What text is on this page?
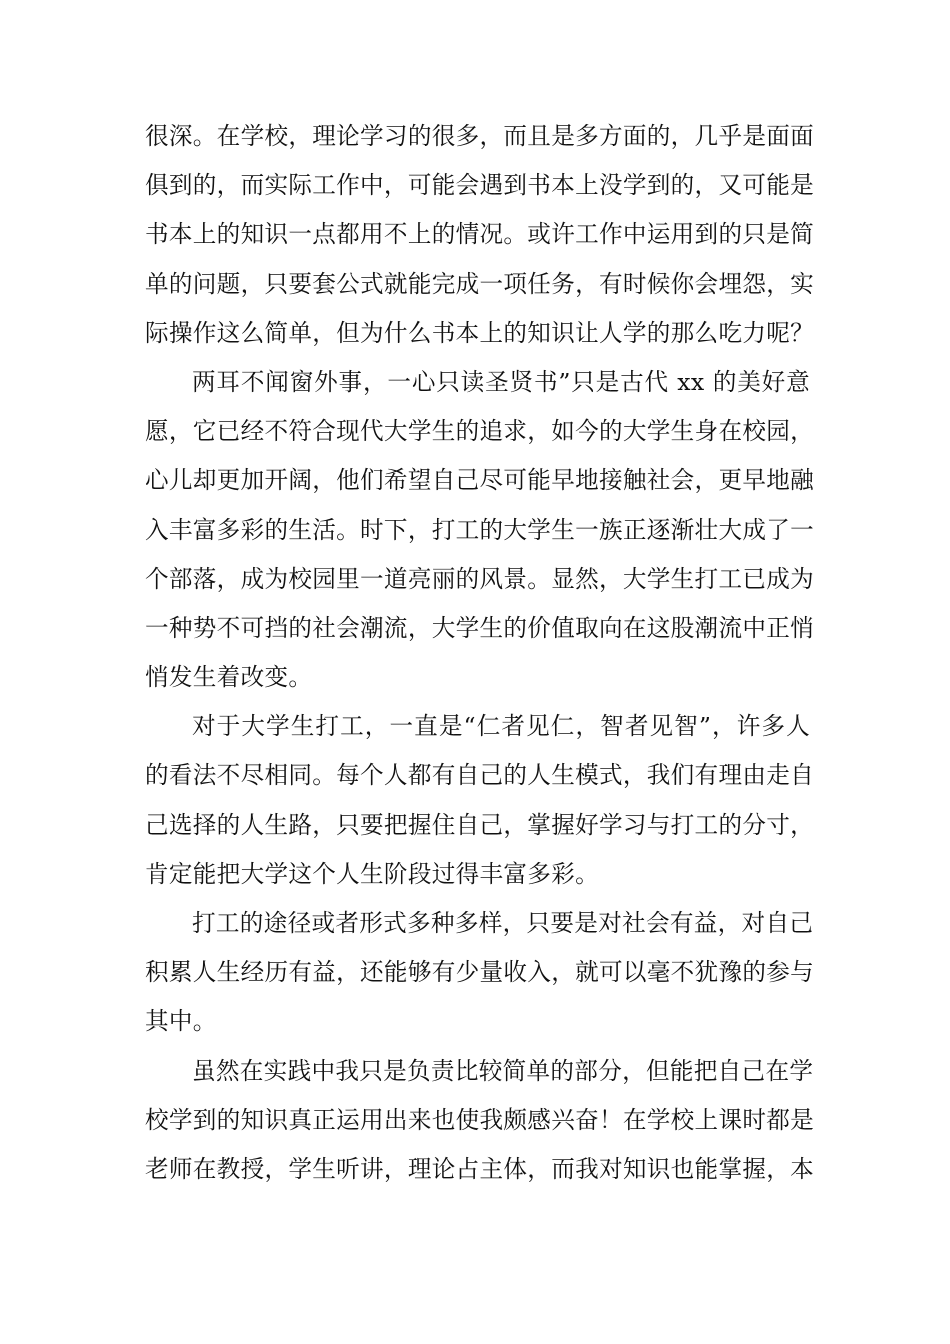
很深。在学校，理论学习的很多，而且是多方面的，几乎是面面
俱到的，而实际工作中，可能会遇到书本上没学到的，又可能是
书本上的知识一点都用不上的情况。或许工作中运用到的只是简
单的问题，只要套公式就能完成一项任务，有时候你会埋怨，实
际操作这么简单，但为什么书本上的知识让人学的那么吃力呢？
两耳不闻窗外事，一心只读圣贤书”只是古代 xx 的美好意
愿，它已经不符合现代大学生的追求，如今的大学生身在校园，
心儿却更加开阔，他们希望自己尽可能早地接触社会，更早地融
入丰富多彩的生活。时下，打工的大学生一族正逐渐壮大成了一
个部落，成为校园里一道亮丽的风景。显然，大学生打工已成为
一种势不可挡的社会潮流，大学生的价值取向在这股潮流中正悄
悄发生着改变。
对于大学生打工，一直是“仁者见仁，智者见智”，许多人
的看法不尽相同。每个人都有自己的人生模式，我们有理由走自
己选择的人生路，只要把握住自己，掌握好学习与打工的分寸，
肯定能把大学这个人生阶段过得丰富多彩。
打工的途径或者形式多种多样，只要是对社会有益，对自己
积累人生经历有益，还能够有少量收入，就可以毫不犹豫的参与
其中。
虽然在实践中我只是负责比较简单的部分，但能把自己在学
校学到的知识真正运用出来也使我颇感兴奋！在学校上课时都是
老师在教授，学生听讲，理论占主体，而我对知识也能掌握，本
